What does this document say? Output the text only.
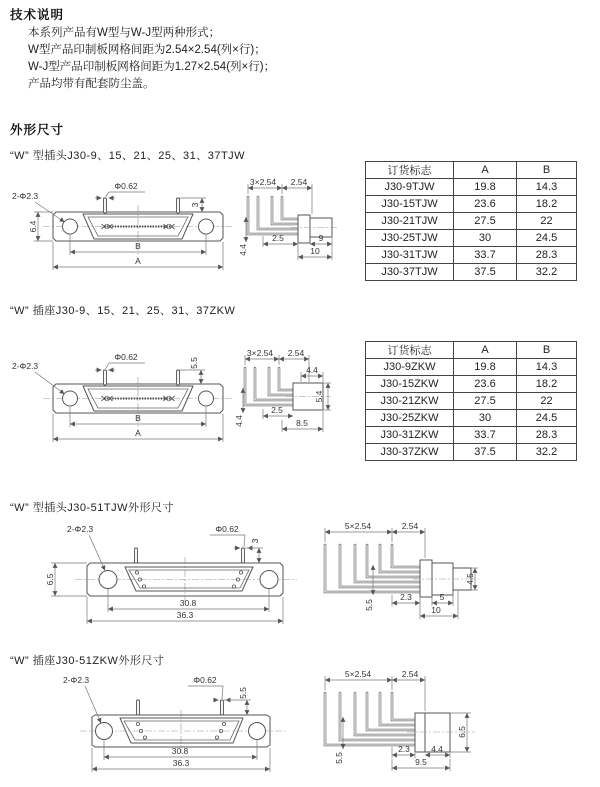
技术说明
本系列产品有W型与W-J型两种形式；
W型产品印制板网格间距为2.54×2.54(列×行)；
W-J型产品印制板网格间距为1.27×2.54(列×行)；
产品均带有配套防尘盖。
外形尺寸
“W” 型插头J30-9、15、21、25、31、37TJW
“W” 插座J30-9、15、21、25、31、37ZKW
“W” 型插头J30-51TJW外形尺寸
“W” 插座J30-51ZKW外形尺寸
Φ0.62
3
6.4
B
A
2-Φ2.3
3×2.54 2.54
4.4
2.5	9
10
Φ0.62
5.5
B
A
2-Φ2.3
3×2.54 2.54
4.4
5.4
4.4
2.5
8.5
2-Φ2.3	Φ0.62
3
6.5
30.8
36.3
5×2.54	2.54
5.5
2.3	5
10
4.5
2-Φ2.3	Φ0.62
5.5
30.8
36.3
5×2.54	2.54
5.5
2.3 4.4
9.5
6.5
订货标志	A	B
J30-9TJW	19.8	14.3
J30-15TJW	23.6	18.2
J30-21TJW	27.5	22
J30-25TJW	30	24.5
J30-31TJW	33.7	28.3
J30-37TJW	37.5	32.2
订货标志	A	B
J30-9ZKW	19.8	14.3
J30-15ZKW	23.6	18.2
J30-21ZKW	27.5	22
J30-25ZKW	30	24.5
J30-31ZKW	33.7	28.3
J30-37ZKW	37.5	32.2
